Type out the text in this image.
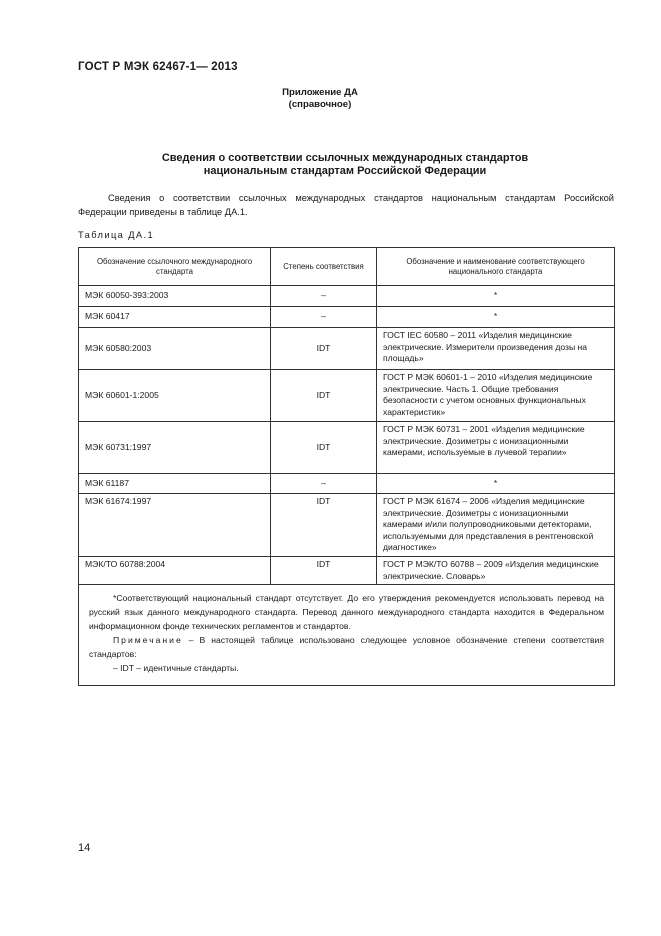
ГОСТ Р МЭК 62467-1— 2013
Приложение ДА
(справочное)
Сведения о соответствии ссылочных международных стандартов
национальным стандартам Российской Федерации
Сведения о соответствии ссылочных международных стандартов национальным стандартам Российской Федерации приведены в таблице ДА.1.
Таблица ДА.1
Обозначение ссылочного международного стандарта	Степень соответствия	Обозначение и наименование соответствующего национального стандарта
МЭК 60050-393:2003	–	*
МЭК 60417	–	*
МЭК 60580:2003	IDT	ГОСТ IEC 60580 – 2011 «Изделия медицинские электрические. Измерители произведения дозы на площадь»
МЭК 60601-1:2005	IDT	ГОСТ Р МЭК 60601-1 – 2010 «Изделия медицинские электрические. Часть 1. Общие требования безопасности с учетом основных функциональных характеристик»
МЭК 60731:1997	IDT	ГОСТ Р МЭК 60731 – 2001 «Изделия медицинские электрические. Дозиметры с ионизационными камерами, используемые в лучевой терапии»
МЭК 61187	–	*
МЭК 61674:1997	IDT	ГОСТ Р МЭК 61674 – 2006 «Изделия медицинские электрические. Дозиметры с ионизационными камерами и/или полупроводниковыми детекторами, используемыми для представления в рентгеновской диагностике»
МЭК/ТО 60788:2004	IDT	ГОСТ Р МЭК/ТО 60788 – 2009 «Изделия медицинские электрические. Словарь»

*Соответствующий национальный стандарт отсутствует. До его утверждения рекомендуется использовать перевод на русский язык данного международного стандарта. Перевод данного международного стандарта находится в Федеральном информационном фонде технических регламентов и стандартов.

Примечание – В настоящей таблице использовано следующее условное обозначение степени соответствия стандартов:

– IDT – идентичные стандарты.		

14
